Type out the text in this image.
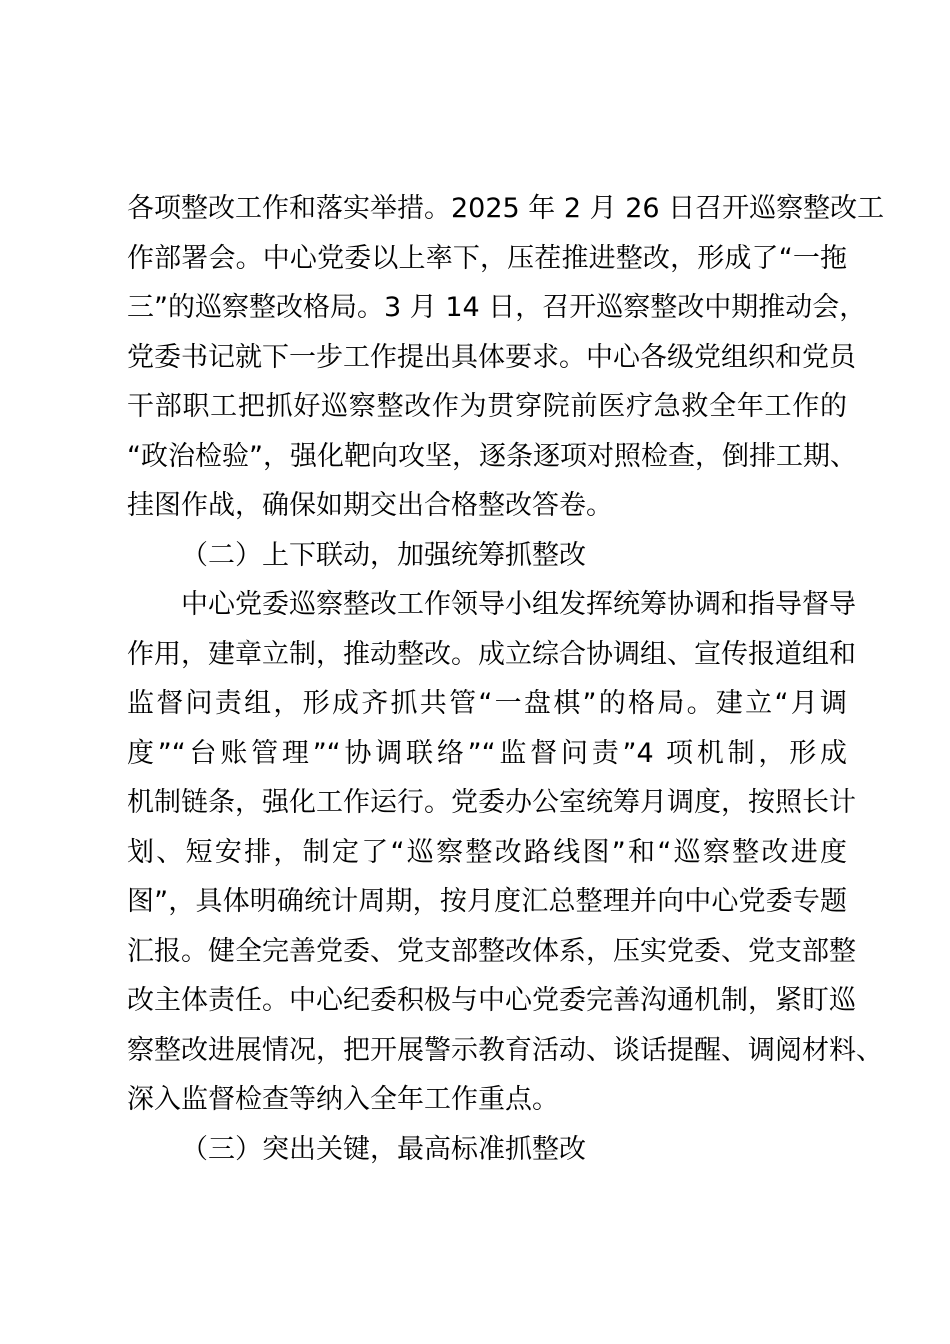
各项整改工作和落实举措。2025 年 2 月 26 日召开巡察整改工
作部署会。中心党委以上率下，压茬推进整改，形成了“一拖
三”的巡察整改格局。3 月 14 日，召开巡察整改中期推动会，
党委书记就下一步工作提出具体要求。中心各级党组织和党员
干部职工把抓好巡察整改作为贯穿院前医疗急救全年工作的
“政治检验”，强化靶向攻坚，逐条逐项对照检查，倒排工期、
挂图作战，确保如期交出合格整改答卷。
（二）上下联动，加强统筹抓整改
中心党委巡察整改工作领导小组发挥统筹协调和指导督导
作用，建章立制，推动整改。成立综合协调组、宣传报道组和
监督问责组，形成齐抓共管“一盘棋”的格局。建立“月调
度”“台账管理”“协调联络”“监督问责”4 项机制，形成
机制链条，强化工作运行。党委办公室统筹月调度，按照长计
划、短安排，制定了“巡察整改路线图”和“巡察整改进度
图”，具体明确统计周期，按月度汇总整理并向中心党委专题
汇报。健全完善党委、党支部整改体系，压实党委、党支部整
改主体责任。中心纪委积极与中心党委完善沟通机制，紧盯巡
察整改进展情况，把开展警示教育活动、谈话提醒、调阅材料、
深入监督检查等纳入全年工作重点。
（三）突出关键，最高标准抓整改
